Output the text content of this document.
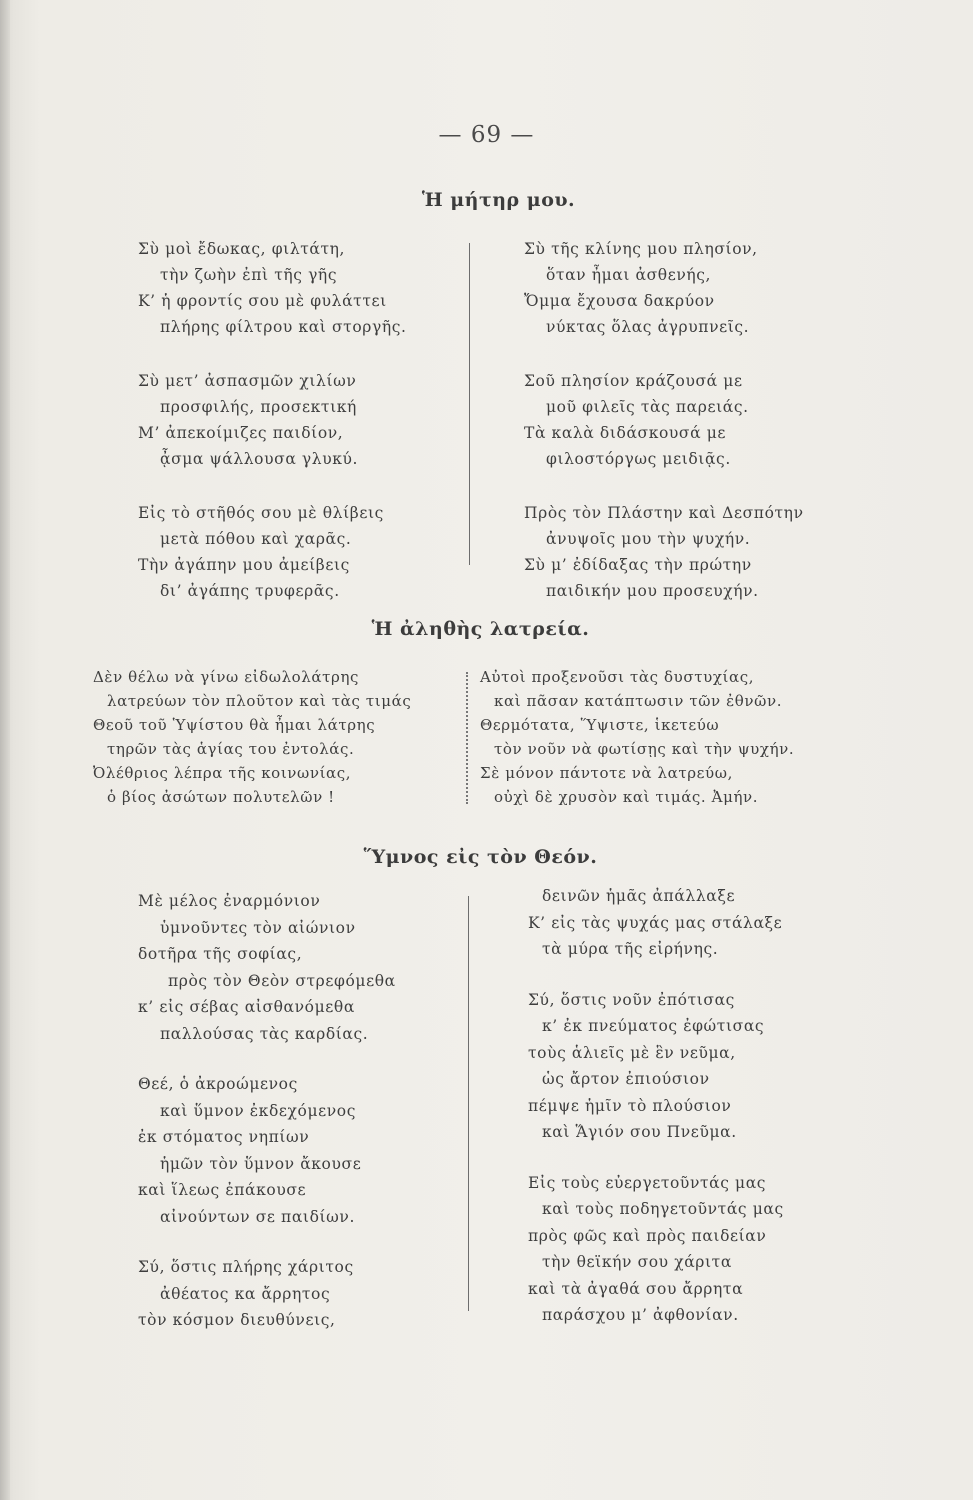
— 69 —
Ἡ μήτηρ μου.
Σὺ μοὶ ἔδωκας, φιλτάτη,
τὴν ζωὴν ἐπὶ τῆς γῆς
Κ’ ἡ φροντίς σου μὲ φυλάττει
πλήρης φίλτρου καὶ στοργῆς.
Σὺ μετ’ ἀσπασμῶν χιλίων
προσφιλής, προσεκτική
Μ’ ἀπεκοίμιζες παιδίον,
ᾆσμα ψάλλουσα γλυκύ.
Εἰς τὸ στῆθός σου μὲ θλίβεις
μετὰ πόθου καὶ χαρᾶς.
Τὴν ἀγάπην μου ἀμείβεις
δι’ ἀγάπης τρυφερᾶς.
Σὺ τῆς κλίνης μου πλησίον,
ὅταν ἦμαι ἀσθενής,
Ὄμμα ἔχουσα δακρύον
νύκτας ὅλας ἀγρυπνεῖς.
Σοῦ πλησίον κράζουσά με
μοῦ φιλεῖς τὰς παρειάς.
Τὰ καλὰ διδάσκουσά με
φιλοστόργως μειδιᾷς.
Πρὸς τὸν Πλάστην καὶ Δεσπότην
ἀνυψοῖς μου τὴν ψυχήν.
Σὺ μ’ ἐδίδαξας τὴν πρώτην
παιδικήν μου προσευχήν.
Ἡ ἀληθὴς λατρεία.
Δὲν θέλω νὰ γίνω εἰδωλολάτρης
λατρεύων τὸν πλοῦτον καὶ τὰς τιμάς
Θεοῦ τοῦ Ὑψίστου θὰ ἦμαι λάτρης
τηρῶν τὰς ἁγίας του ἐντολάς.
Ὀλέθριος λέπρα τῆς κοινωνίας,
ὁ βίος ἀσώτων πολυτελῶν !
Αὐτοὶ προξενοῦσι τὰς δυστυχίας,
καὶ πᾶσαν κατάπτωσιν τῶν ἐθνῶν.
Θερμότατα, Ὕψιστε, ἱκετεύω
τὸν νοῦν νὰ φωτίσῃς καὶ τὴν ψυχήν.
Σὲ μόνον πάντοτε νὰ λατρεύω,
οὐχὶ δὲ χρυσὸν καὶ τιμάς. Ἀμήν.
Ὕμνος εἰς τὸν Θεόν.
Μὲ μέλος ἐναρμόνιον
ὑμνοῦντες τὸν αἰώνιον
δοτῆρα τῆς σοφίας,
πρὸς τὸν Θεὸν στρεφόμεθα
κ’ εἰς σέβας αἰσθανόμεθα
παλλούσας τὰς καρδίας.
Θεέ, ὁ ἀκροώμενος
καὶ ὕμνον ἐκδεχόμενος
ἐκ στόματος νηπίων
ἡμῶν τὸν ὕμνον ἄκουσε
καὶ ἵλεως ἐπάκουσε
αἰνούντων σε παιδίων.
Σύ, ὅστις πλήρης χάριτος
ἀθέατος κα ἄρρητος
τὸν κόσμον διευθύνεις,
δεινῶν ἡμᾶς ἀπάλλαξε
Κ’ εἰς τὰς ψυχάς μας στάλαξε
τὰ μύρα τῆς εἰρήνης.
Σύ, ὅστις νοῦν ἐπότισας
κ’ ἐκ πνεύματος ἐφώτισας
τοὺς ἁλιεῖς μὲ ἓν νεῦμα,
ὡς ἄρτον ἐπιούσιον
πέμψε ἡμῖν τὸ πλούσιον
καὶ Ἅγιόν σου Πνεῦμα.
Εἰς τοὺς εὐεργετοῦντάς μας
καὶ τοὺς ποδηγετοῦντάς μας
πρὸς φῶς καὶ πρὸς παιδείαν
τὴν θεϊκήν σου χάριτα
καὶ τὰ ἀγαθά σου ἄρρητα
παράσχου μ’ ἀφθονίαν.
